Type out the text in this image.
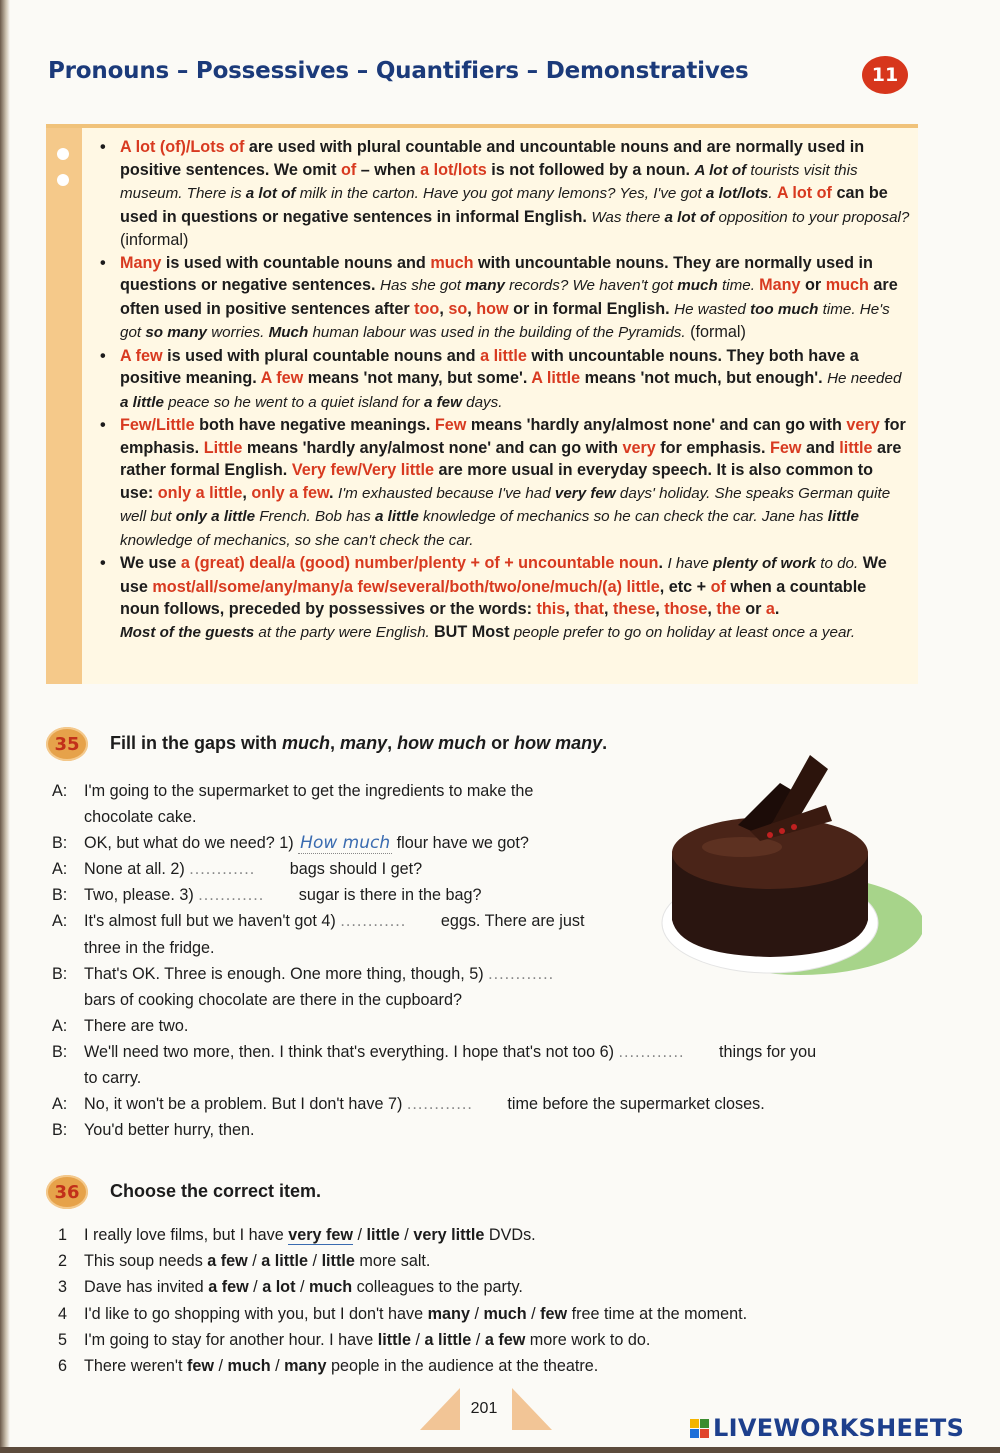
Pronouns – Possessives – Quantifiers – Demonstratives	11
• A lot (of)/Lots of are used with plural countable and uncountable nouns and are normally used in positive sentences. We omit of – when a lot/lots is not followed by a noun. A lot of tourists visit this museum. There is a lot of milk in the carton. Have you got many lemons? Yes, I've got a lot/lots. A lot of can be used in questions or negative sentences in informal English. Was there a lot of opposition to your proposal? (informal)
• Many is used with countable nouns and much with uncountable nouns. They are normally used in questions or negative sentences. Has she got many records? We haven't got much time. Many or much are often used in positive sentences after too, so, how or in formal English. He wasted too much time. He's got so many worries. Much human labour was used in the building of the Pyramids. (formal)
• A few is used with plural countable nouns and a little with uncountable nouns. They both have a positive meaning. A few means 'not many, but some'. A little means 'not much, but enough'. He needed a little peace so he went to a quiet island for a few days.
• Few/Little both have negative meanings. Few means 'hardly any/almost none' and can go with very for emphasis. Little means 'hardly any/almost none' and can go with very for emphasis. Few and little are rather formal English. Very few/Very little are more usual in everyday speech. It is also common to use: only a little, only a few. I'm exhausted because I've had very few days' holiday. She speaks German quite well but only a little French. Bob has a little knowledge of mechanics so he can check the car. Jane has little knowledge of mechanics, so she can't check the car.
• We use a (great) deal/a (good) number/plenty + of + uncountable noun. I have plenty of work to do. We use most/all/some/any/many/a few/several/both/two/one/much/(a) little, etc + of when a countable noun follows, preceded by possessives or the words: this, that, these, those, the or a.
Most of the guests at the party were English. BUT Most people prefer to go on holiday at least once a year.
35 Fill in the gaps with much, many, how much or how many.

A:	I'm going to the supermarket to get the ingredients to make the
chocolate cake.
B:	OK, but what do we need? 1) How much flour have we got?
A:	None at all. 2) ............ bags should I get?
B:	Two, please. 3) ............ sugar is there in the bag?
A:	It's almost full but we haven't got 4) ............ eggs. There are just
three in the fridge.
B:	That's OK. Three is enough. One more thing, though, 5) ............
bars of cooking chocolate are there in the cupboard?
A:	There are two.
B:	We'll need two more, then. I think that's everything. I hope that's not too 6) ............ things for you
to carry.
A:	No, it won't be a problem. But I don't have 7) ............ time before the supermarket closes.
B:	You'd better hurry, then.
36 Choose the correct item.

1	I really love films, but I have very few / little / very little DVDs.
2	This soup needs a few / a little / little more salt.
3	Dave has invited a few / a lot / much colleagues to the party.
4	I'd like to go shopping with you, but I don't have many / much / few free time at the moment.
5	I'm going to stay for another hour. I have little / a little / a few more work to do.
6	There weren't few / much / many people in the audience at the theatre.
201
LIVEWORKSHEETS
